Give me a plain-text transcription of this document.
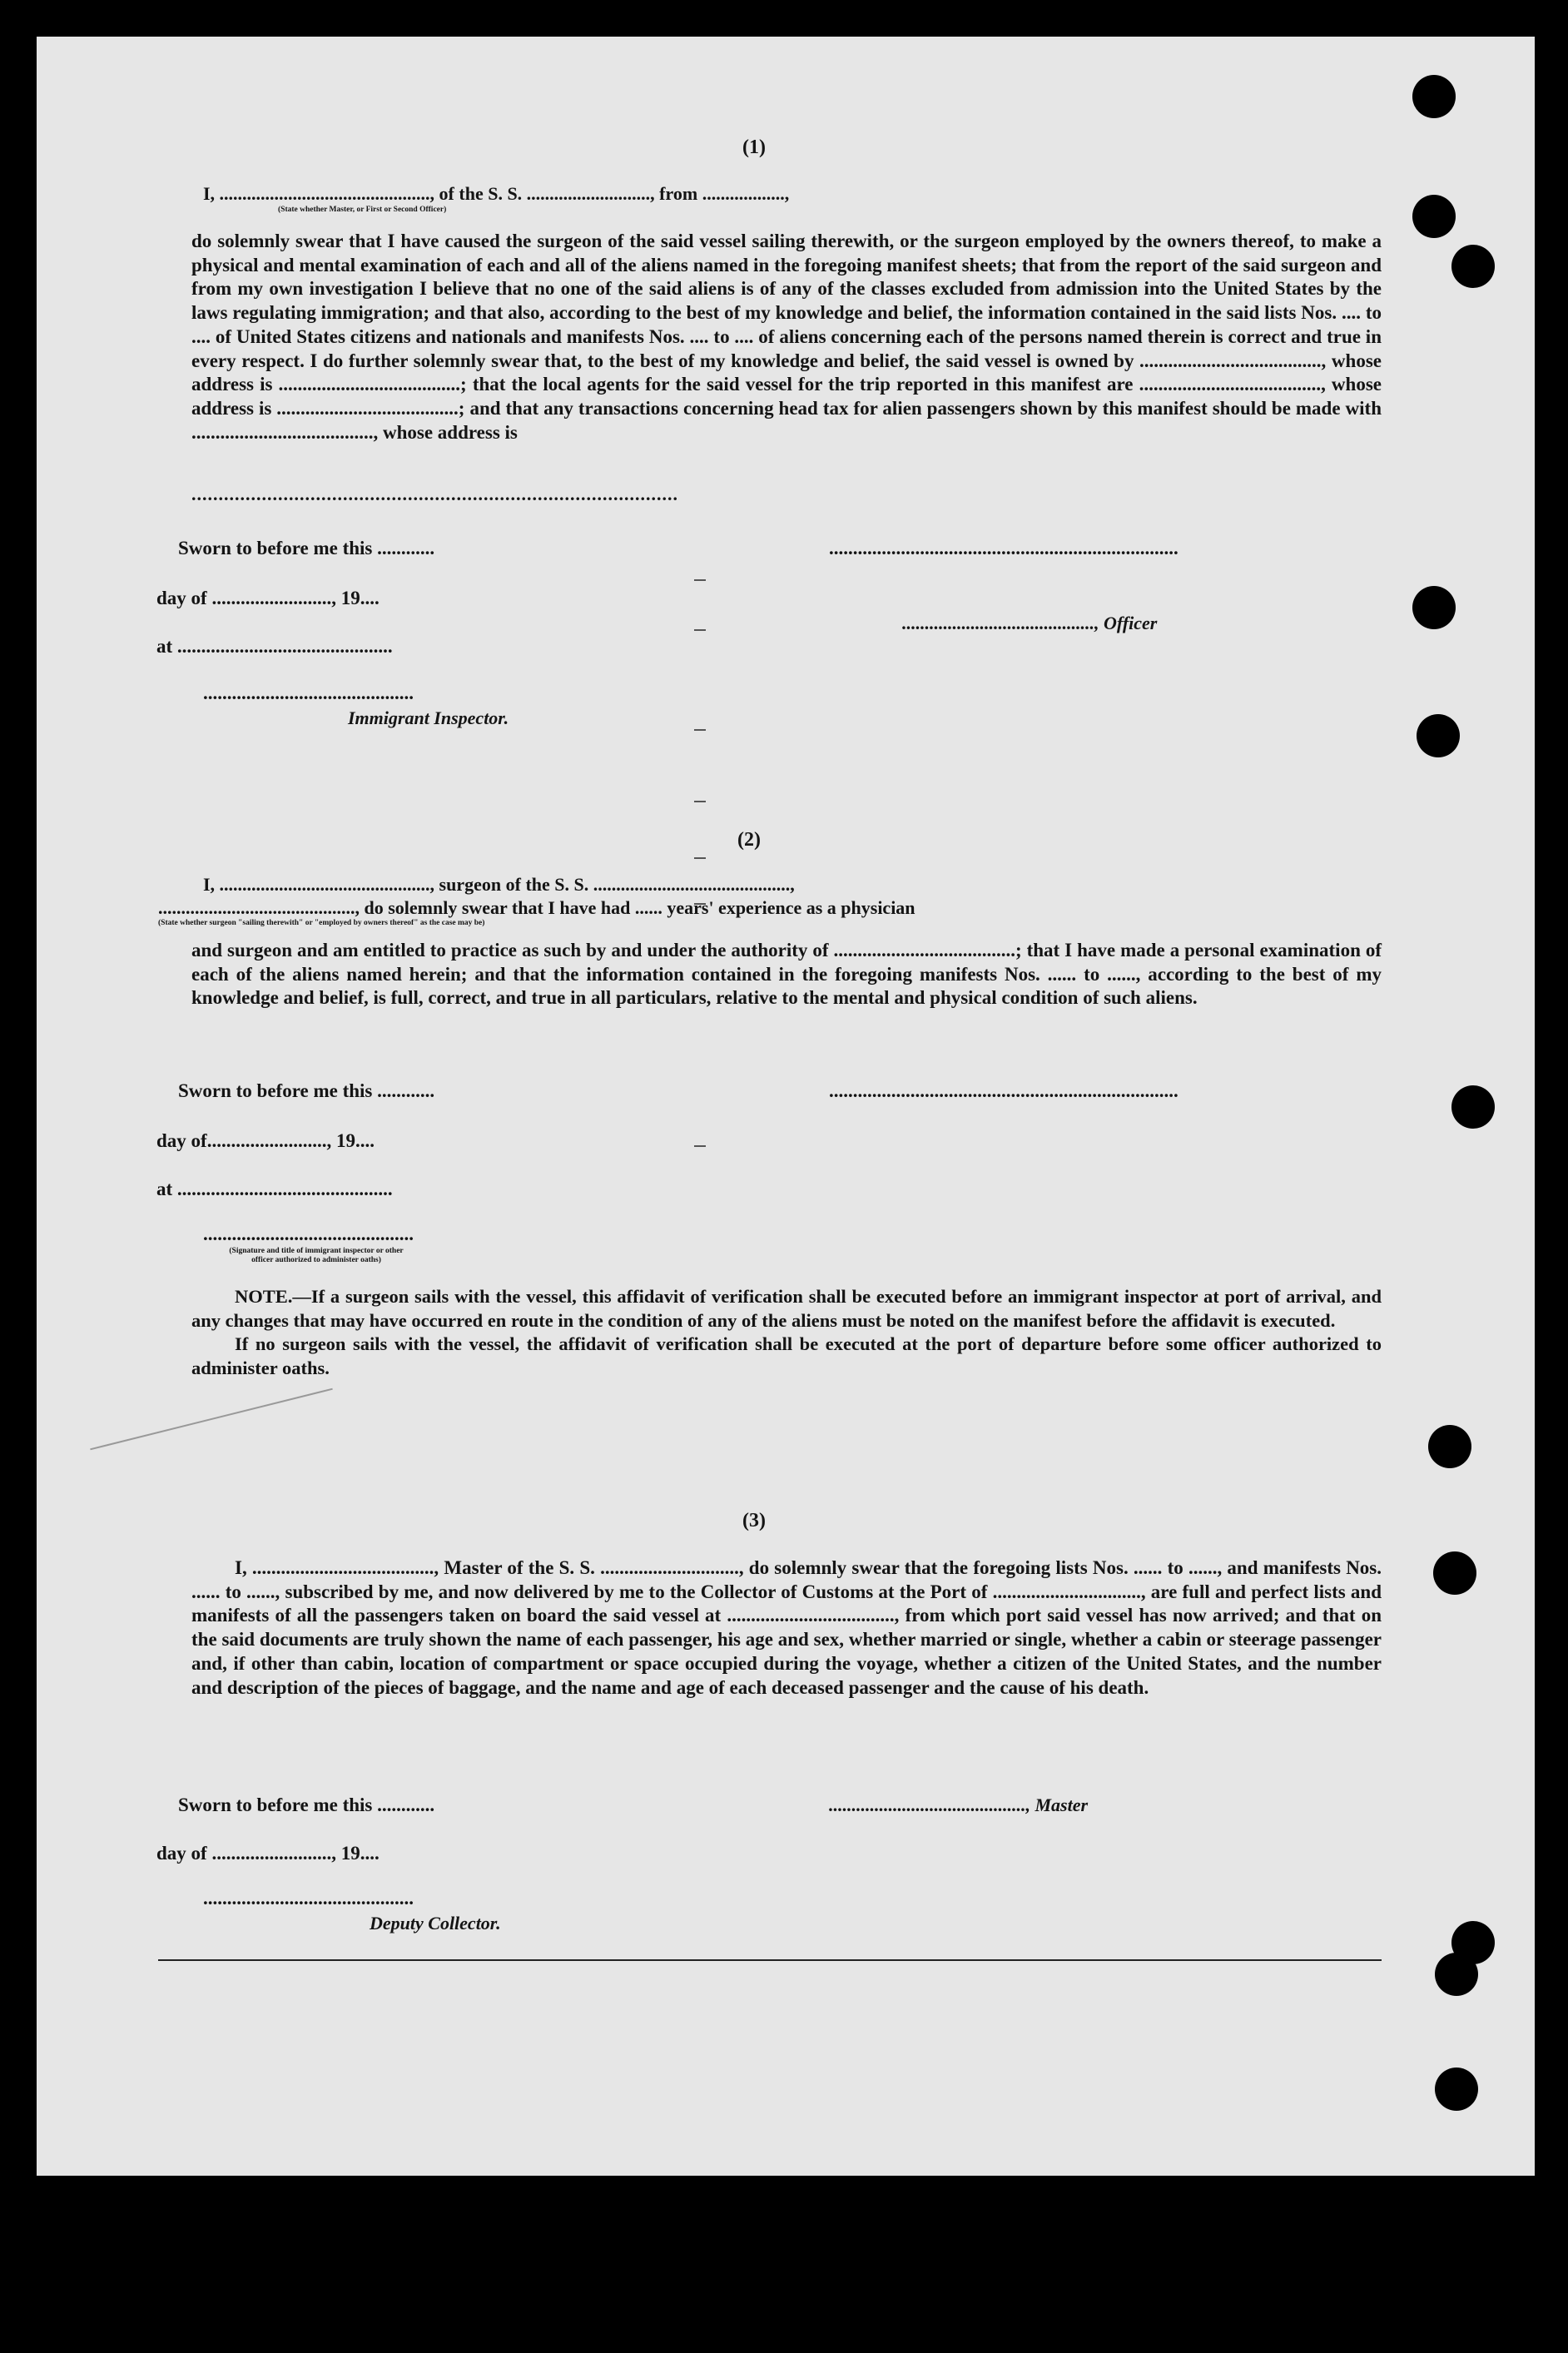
(1)
I, .............................................., of the S. S. ..........................., from ..................,
(State whether Master, or First or Second Officer)
do solemnly swear that I have caused the surgeon of the said vessel sailing therewith, or the surgeon employed by the owners thereof, to make a physical and mental examination of each and all of the aliens named in the foregoing manifest sheets; that from the report of the said surgeon and from my own investigation I believe that no one of the said aliens is of any of the classes excluded from admission into the United States by the laws regulating immigration; and that also, according to the best of my knowledge and belief, the information contained in the said lists Nos. .... to .... of United States citizens and nationals and manifests Nos. .... to .... of aliens concerning each of the persons named therein is correct and true in every respect. I do further solemnly swear that, to the best of my knowledge and belief, the said vessel is owned by ......................................, whose address is ......................................; that the local agents for the said vessel for the trip reported in this manifest are ......................................, whose address is ......................................; and that any transactions concerning head tax for alien passengers shown by this manifest should be made with ......................................, whose address is
..........................................................................................
Sworn to before me this ............	.........................................................................
day of ........................., 19....
.........................................., Officer
at .............................................
............................................
Immigrant Inspector.
(2)
I, .............................................., surgeon of the S. S. ...........................................,
..........................................., do solemnly swear that I have had ...... years' experience as a physician
(State whether surgeon "sailing therewith" or "employed by owners thereof" as the case may be)
and surgeon and am entitled to practice as such by and under the authority of ......................................; that I have made a personal examination of each of the aliens named herein; and that the information contained in the foregoing manifests Nos. ...... to ......, according to the best of my knowledge and belief, is full, correct, and true in all particulars, relative to the mental and physical condition of such aliens.
Sworn to before me this ............	.........................................................................
day of........................., 19....
at .............................................
............................................
(Signature and title of immigrant inspector or other officer authorized to administer oaths)
NOTE.—If a surgeon sails with the vessel, this affidavit of verification shall be executed before an immigrant inspector at port of arrival, and any changes that may have occurred en route in the condition of any of the aliens must be noted on the manifest before the affidavit is executed.
If no surgeon sails with the vessel, the affidavit of verification shall be executed at the port of departure before some officer authorized to administer oaths.
(3)
I, ......................................, Master of the S. S. ............................., do solemnly swear that the foregoing lists Nos. ...... to ......, and manifests Nos. ...... to ......, subscribed by me, and now delivered by me to the Collector of Customs at the Port of ..............................., are full and perfect lists and manifests of all the passengers taken on board the said vessel at ..................................., from which port said vessel has now arrived; and that on the said documents are truly shown the name of each passenger, his age and sex, whether married or single, whether a cabin or steerage passenger and, if other than cabin, location of compartment or space occupied during the voyage, whether a citizen of the United States, and the number and description of the pieces of baggage, and the name and age of each deceased passenger and the cause of his death.
Sworn to before me this ............	..........................................., Master
day of ........................., 19....
............................................
Deputy Collector.
